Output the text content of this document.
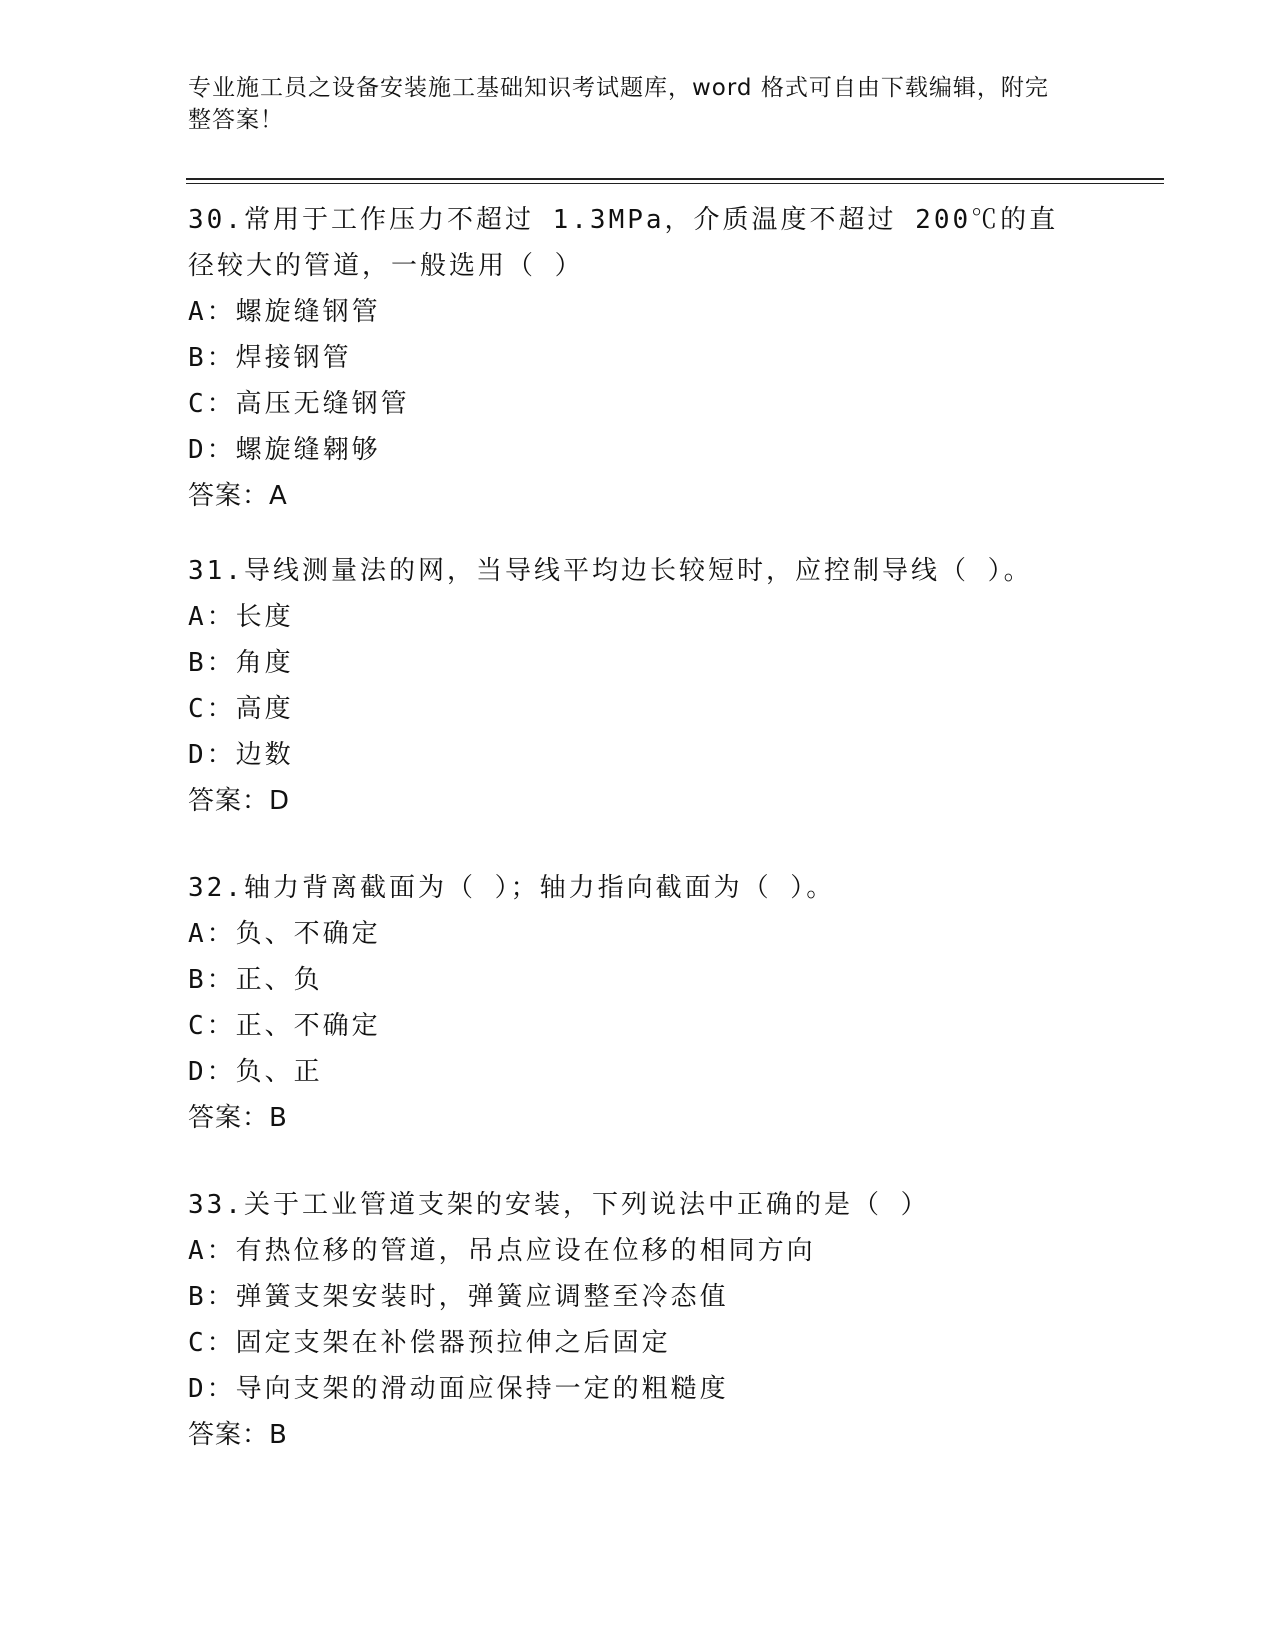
专业施工员之设备安装施工基础知识考试题库，word 格式可自由下载编辑，附完整答案！
30.常用于工作压力不超过 1.3MPa，介质温度不超过 200℃的直径较大的管道，一般选用（ ）
A：螺旋缝钢管
B：焊接钢管
C：高压无缝钢管
D：螺旋缝翱够
答案：A
31.导线测量法的网，当导线平均边长较短时，应控制导线（ ）。
A：长度
B：角度
C：高度
D：边数
答案：D
32.轴力背离截面为（ ）；轴力指向截面为（ ）。
A：负、不确定
B：正、负
C：正、不确定
D：负、正
答案：B
33.关于工业管道支架的安装，下列说法中正确的是（ ）
A：有热位移的管道，吊点应设在位移的相同方向
B：弹簧支架安装时，弹簧应调整至冷态值
C：固定支架在补偿器预拉伸之后固定
D：导向支架的滑动面应保持一定的粗糙度
答案：B
